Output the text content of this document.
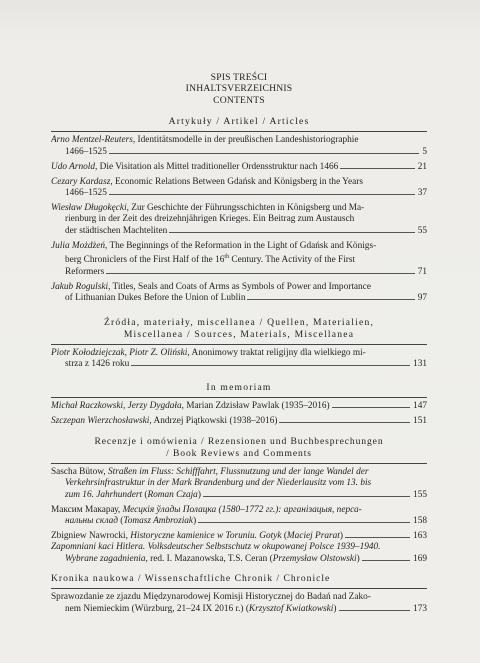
SPIS TREŚCI
INHALTSVERZEICHNIS
CONTENTS
Artykuły / Artikel / Articles
Arno Mentzel-Reuters, Identitätsmodelle in der preußischen Landeshistoriographie
1466–1525	5
Udo Arnold, Die Visitation als Mittel traditioneller Ordensstruktur nach 1466	21
Cezary Kardasz, Economic Relations Between Gdańsk and Königsberg in the Years
1466–1525	37
Wiesław Długokęcki, Zur Geschichte der Führungsschichten in Königsberg und Ma-
rienburg in der Zeit des dreizehnjährigen Krieges. Ein Beitrag zum Austausch
der städtischen Machteliten	55
Julia Możdżeń, The Beginnings of the Reformation in the Light of Gdańsk and Königs-
berg Chroniclers of the First Half of the 16th Century. The Activity of the First
Reformers	71
Jakub Rogulski, Titles, Seals and Coats of Arms as Symbols of Power and Importance
of Lithuanian Dukes Before the Union of Lublin	97
Źródła, materiały, miscellanea / Quellen, Materialien,
Miscellanea / Sources, Materials, Miscellanea
Piotr Kołodziejczak, Piotr Z. Oliński, Anonimowy traktat religijny dla wielkiego mi-
strza z 1426 roku	131
In memoriam
Michał Raczkowski, Jerzy Dygdała, Marian Zdzisław Pawlak (1935–2016)	147
Szczepan Wierzchosławski, Andrzej Piątkowski (1938–2016)	151
Recenzje i omówienia / Rezensionen und Buchbesprechungen
/ Book Reviews and Comments
Sascha Bütow, Straßen im Fluss: Schifffahrt, Flussnutzung und der lange Wandel der
Verkehrsinfrastruktur in der Mark Brandenburg und der Niederlausitz vom 13. bis
zum 16. Jahrhundert (Roman Czaja)	155
Максим Макарау, Месцкія ўлады Полацка (1580–1772 гг.): арганізацыя, перса-
нальны склад (Tomasz Ambroziak)	158
Zbigniew Nawrocki, Historyczne kamienice w Toruniu. Gotyk (Maciej Prarat)	163
Zapomniani kaci Hitlera. Volksdeutscher Selbstschutz w okupowanej Polsce 1939–1940.
Wybrane zagadnienia, red. I. Mazanowska, T.S. Ceran (Przemysław Olstowski)	169
Kronika naukowa / Wissenschaftliche Chronik / Chronicle
Sprawozdanie ze zjazdu Międzynarodowej Komisji Historycznej do Badań nad Zako-
nem Niemieckim (Würzburg, 21–24 IX 2016 r.) (Krzysztof Kwiatkowski)	173
